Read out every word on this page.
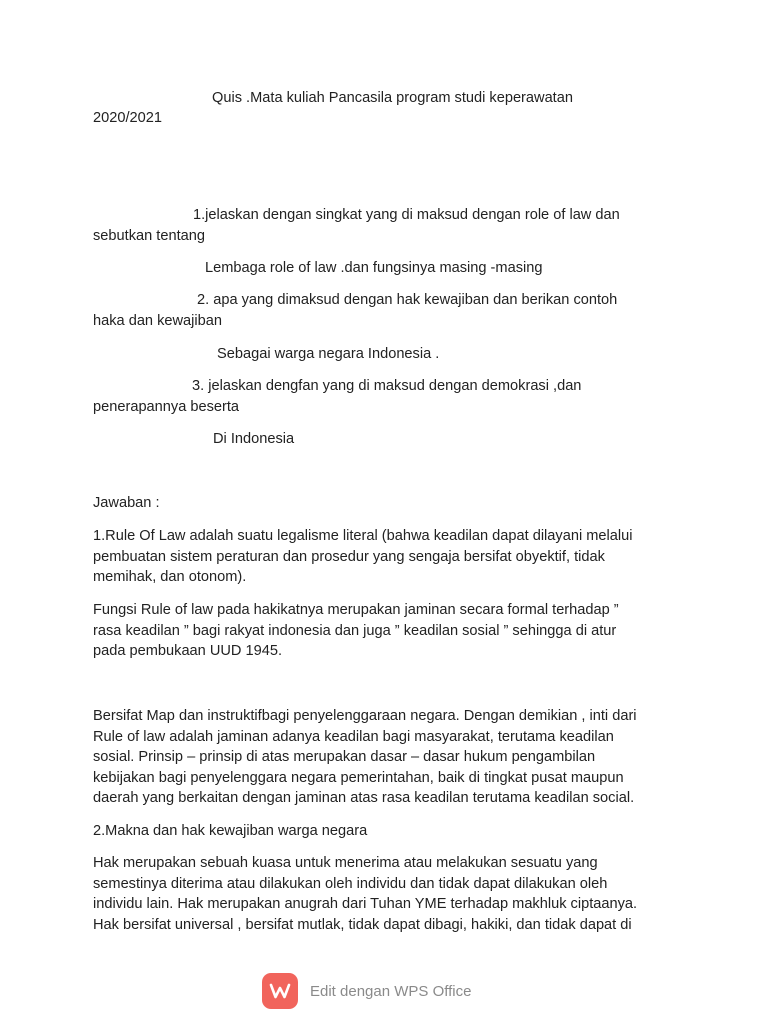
Quis .Mata kuliah Pancasila program studi keperawatan
2020/2021
1.jelaskan dengan singkat yang di maksud dengan role of law dan
sebutkan tentang
Lembaga role of law .dan fungsinya masing -masing
2. apa yang dimaksud dengan hak kewajiban dan berikan contoh
haka dan kewajiban
Sebagai warga negara Indonesia .
3. jelaskan dengfan yang di maksud dengan demokrasi ,dan
penerapannya beserta
Di Indonesia
Jawaban :
1.Rule Of Law adalah suatu legalisme literal (bahwa keadilan dapat dilayani melalui
pembuatan sistem peraturan dan prosedur yang sengaja bersifat obyektif, tidak
memihak, dan otonom).
Fungsi Rule of law pada hakikatnya merupakan jaminan secara formal terhadap ”
rasa keadilan ” bagi rakyat indonesia dan juga ” keadilan sosial ” sehingga di atur
pada pembukaan UUD 1945.
Bersifat Map dan instruktifbagi penyelenggaraan negara. Dengan demikian , inti dari
Rule of law adalah jaminan adanya keadilan bagi masyarakat, terutama keadilan
sosial. Prinsip – prinsip di atas merupakan dasar – dasar hukum pengambilan
kebijakan bagi penyelenggara negara pemerintahan, baik di tingkat pusat maupun
daerah yang berkaitan dengan jaminan atas rasa keadilan terutama keadilan social.
2.Makna dan hak kewajiban warga negara
Hak merupakan sebuah kuasa untuk menerima atau melakukan sesuatu yang
semestinya diterima atau dilakukan oleh individu dan tidak dapat dilakukan oleh
individu lain. Hak merupakan anugrah dari Tuhan YME terhadap makhluk ciptaanya.
Hak bersifat universal , bersifat mutlak, tidak dapat dibagi, hakiki, dan tidak dapat di
Edit dengan WPS Office
